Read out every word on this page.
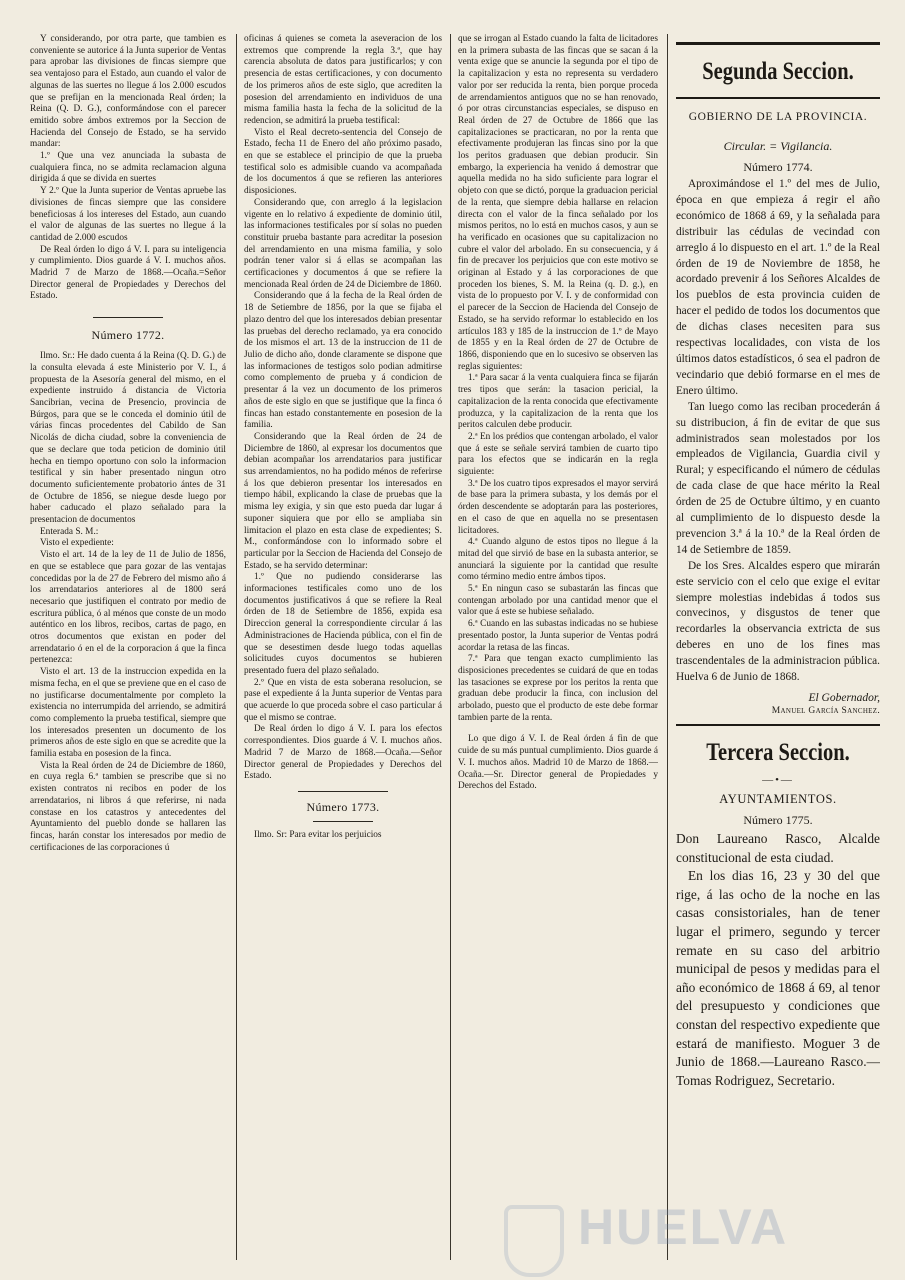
Y considerando, por otra parte, que tambien es conveniente se autorice á la Junta superior de Ventas para aprobar las divisiones de fincas siempre que sea ventajoso para el Estado, aun cuando el valor de algunas de las suertes no llegue á los 2.000 escudos que se prefijan en la mencionada Real órden; la Reina (Q. D. G.), conformándose con el parecer emitido sobre ámbos extremos por la Seccion de Hacienda del Consejo de Estado, se ha servido mandar:

1.º Que una vez anunciada la subasta de cualquiera finca, no se admita reclamacion alguna dirigida á que se divida en suertes

Y 2.º Que la Junta superior de Ventas apruebe las divisiones de fincas siempre que las considere beneficiosas á los intereses del Estado, aun cuando el valor de algunas de las suertes no llegue á la cantidad de 2.000 escudos

De Real órden lo digo á V. I. para su inteligencia y cumplimiento. Dios guarde á V. I. muchos años. Madrid 7 de Marzo de 1868.—Ocaña.=Señor Director general de Propiedades y Derechos del Estado.

Número 1772.

Ilmo. Sr.: He dado cuenta á la Reina (Q. D. G.) de la consulta elevada á este Ministerio por V. I., á propuesta de la Asesoría general del mismo, en el expediente instruido á distancia de Victoria Sancibrian, vecina de Presencio, provincia de Búrgos, para que se le conceda el dominio útil de várias fincas procedentes del Cabildo de San Nicolás de dicha ciudad, sobre la conveniencia de que se declare que toda peticion de dominio útil hecha en tiempo oportuno con solo la informacion testifical y sin haber presentado ningun otro documento suficientemente probatorio ántes de 31 de Octubre de 1856, se niegue desde luego por haber caducado el plazo señalado para la presentacion de documentos

Enterada S. M.:

Visto el expediente:

Visto el art. 14 de la ley de 11 de Julio de 1856, en que se establece que para gozar de las ventajas concedidas por la de 27 de Febrero del mismo año á los arrendatarios anteriores al de 1800 será necesario que justifiquen el contrato por medio de escritura pública, ó al ménos que conste de un modo auténtico en los libros, recibos, cartas de pago, en otros documentos que existan en poder del arrendatario ó en el de la corporacion á que la finca pertenezca:

Visto el art. 13 de la instruccion expedida en la misma fecha, en el que se previene que en el caso de no justificarse documentalmente por completo la existencia no interrumpida del arriendo, se admitirá como complemento la prueba testifical, siempre que los interesados presenten un documento de los primeros años de este siglo en que se acredite que la familia estaba en posesion de la finca.

Vista la Real órden de 24 de Diciembre de 1860, en cuya regla 6.ª tambien se prescribe que si no existen contratos ni recibos en poder de los arrendatarios, ni libros á que referirse, ni nada constase en los catastros y antecedentes del Ayuntamiento del pueblo donde se hallaren las fincas, harán constar los interesados por medio de certificaciones de las corporaciones ú

oficinas á quienes se cometa la aseveracion de los extremos que comprende la regla 3.ª, que hay carencia absoluta de datos para justificarlos; y con presencia de estas certificaciones, y con documento de los primeros años de este siglo, que acrediten la posesion del arrendamiento en individuos de una misma familia hasta la fecha de la solicitud de la redencion, se admitirá la prueba testifical:

Visto el Real decreto-sentencia del Consejo de Estado, fecha 11 de Enero del año próximo pasado, en que se establece el principio de que la prueba testifical solo es admisible cuando va acompañada de los documentos á que se refieren las anteriores disposiciones.

Considerando que, con arreglo á la legislacion vigente en lo relativo á expediente de dominio útil, las informaciones testificales por sí solas no pueden constituir prueba bastante para acreditar la posesion del arrendamiento en una misma familia, y solo podrán tener valor si á ellas se acompañan las certificaciones y documentos á que se refiere la mencionada Real órden de 24 de Diciembre de 1860.

Considerando que á la fecha de la Real órden de 18 de Setiembre de 1856, por la que se fijaba el plazo dentro del que los interesados debian presentar las pruebas del derecho reclamado, ya era conocido de los mismos el art. 13 de la instruccion de 11 de Julio de dicho año, donde claramente se dispone que las informaciones de testigos solo podian admitirse como complemento de prueba y á condicion de presentar á la vez un documento de los primeros años de este siglo en que se justifique que la finca ó fincas han estado constantemente en posesion de la familia.

Considerando que la Real órden de 24 de Diciembre de 1860, al expresar los documentos que debian acompañar los arrendatarios para justificar sus arrendamientos, no ha podido ménos de referirse á los que debieron presentar los interesados en tiempo hábil, explicando la clase de pruebas que la misma ley exigia, y sin que esto pueda dar lugar á suponer siquiera que por ello se ampliaba sin limitacion el plazo en esta clase de expedientes; S. M., conformándose con lo informado sobre el particular por la Seccion de Hacienda del Consejo de Estado, se ha servido determinar:

1.º Que no pudiendo considerarse las informaciones testificales como uno de los documentos justificativos á que se refiere la Real órden de 18 de Setiembre de 1856, expida esa Direccion general la correspondiente circular á las Administraciones de Hacienda pública, con el fin de que se desestimen desde luego todas aquellas solicitudes cuyos documentos se hubieren presentado fuera del plazo señalado.

2.º Que en vista de esta soberana resolucion, se pase el expediente á la Junta superior de Ventas para que acuerde lo que proceda sobre el caso particular á que el mismo se contrae.

De Real órden lo digo á V. I. para los efectos correspondientes. Dios guarde á V. I. muchos años. Madrid 7 de Marzo de 1868.—Ocaña.—Señor Director general de Propiedades y Derechos del Estado.

Número 1773.

Ilmo. Sr: Para evitar los perjuicios

que se irrogan al Estado cuando la falta de licitadores en la primera subasta de las fincas que se sacan á la venta exige que se anuncie la segunda por el tipo de la capitalizacion y esta no representa su verdadero valor por ser reducida la renta, bien porque proceda de arrendamientos antiguos que no se han renovado, ó por otras circunstancias especiales, se dispuso en Real órden de 27 de Octubre de 1866 que las capitalizaciones se practicaran, no por la renta que efectivamente produjeran las fincas sino por la que los peritos graduasen que debian producir. Sin embargo, la experiencia ha venido á demostrar que aquella medida no ha sido suficiente para lograr el objeto con que se dictó, porque la graduacion pericial de la renta, que siempre debia hallarse en relacion directa con el valor de la finca señalado por los mismos peritos, no lo está en muchos casos, y aun se ha verificado en ocasiones que su capitalizacion no cubre el valor del arbolado. En su consecuencia, y á fin de precaver los perjuicios que con este motivo se originan al Estado y á las corporaciones de que proceden los bienes, S. M. la Reina (q. D. g.), en vista de lo propuesto por V. I. y de conformidad con el parecer de la Seccion de Hacienda del Consejo de Estado, se ha servido reformar lo establecido en los artículos 183 y 185 de la instruccion de 1.º de Mayo de 1855 y en la Real órden de 27 de Octubre de 1866, disponiendo que en lo sucesivo se observen las reglas siguientes:

1.ª Para sacar á la venta cualquiera finca se fijarán tres tipos que serán: la tasacion pericial, la capitalizacion de la renta conocida que efectivamente produzca, y la capitalizacion de la renta que los peritos calculen debe producir.

2.ª En los prédios que contengan arbolado, el valor que á este se señale servirá tambien de cuarto tipo para los efectos que se indicarán en la regla siguiente:

3.ª De los cuatro tipos expresados el mayor servirá de base para la primera subasta, y los demás por el órden descendente se adoptarán para las posteriores, en el caso de que en aquella no se presentasen licitadores.

4.ª Cuando alguno de estos tipos no llegue á la mitad del que sirvió de base en la subasta anterior, se anunciará la siguiente por la cantidad que resulte como término medio entre ámbos tipos.

5.ª En ningun caso se subastarán las fincas que contengan arbolado por una cantidad menor que el valor que á este se hubiese señalado.

6.ª Cuando en las subastas indicadas no se hubiese presentado postor, la Junta superior de Ventas podrá acordar la retasa de las fincas.

7.ª Para que tengan exacto cumplimiento las disposiciones precedentes se cuidará de que en todas las tasaciones se exprese por los peritos la renta que graduan debe producir la finca, con inclusion del arbolado, puesto que el producto de este debe formar tambien parte de la renta.

Lo que digo á V. I. de Real órden á fin de que cuide de su más puntual cumplimiento. Dios guarde á V. I. muchos años. Madrid 10 de Marzo de 1868.—Ocaña.—Sr. Director general de Propiedades y Derechos del Estado.

Segunda Seccion.
GOBIERNO DE LA PROVINCIA.
Circular. = Vigilancia.
Número 1774.

Aproximándose el 1.º del mes de Julio, época en que empieza á regir el año económico de 1868 á 69, y la señalada para distribuir las cédulas de vecindad con arreglo á lo dispuesto en el art. 1.º de la Real órden de 19 de Noviembre de 1858, he acordado prevenir á los Señores Alcaldes de los pueblos de esta provincia cuiden de hacer el pedido de todos los documentos que de dichas clases necesiten para sus respectivas localidades, con vista de los últimos datos estadísticos, ó sea el padron de vecindario que debió formarse en el mes de Enero último.

Tan luego como las reciban procederán á su distribucion, á fin de evitar de que sus administrados sean molestados por los empleados de Vigilancia, Guardia civil y Rural; y especificando el número de cédulas de cada clase de que hace mérito la Real órden de 25 de Octubre último, y en cuanto al cumplimiento de lo dispuesto desde la prevencion 3.ª á la 10.ª de la Real órden de 14 de Setiembre de 1859.

De los Sres. Alcaldes espero que mirarán este servicio con el celo que exige el evitar siempre molestias indebidas á todos sus convecinos, y disgustos de tener que recordarles la observancia extricta de sus deberes en uno de los fines mas trascendentales de la administracion pública. Huelva 6 de Junio de 1868.

El Gobernador,
Manuel García Sanchez.
Tercera Seccion.
—•—
AYUNTAMIENTOS.
Número 1775.

Don Laureano Rasco, Alcalde constitucional de esta ciudad.

En los dias 16, 23 y 30 del que rige, á las ocho de la noche en las casas consistoriales, han de tener lugar el primero, segundo y tercer remate en su caso del arbitrio municipal de pesos y medidas para el año económico de 1868 á 69, al tenor del presupuesto y condiciones que constan del respectivo expediente que estará de manifiesto. Moguer 3 de Junio de 1868.—Laureano Rasco.—Tomas Rodriguez, Secretario.

HUELVA
